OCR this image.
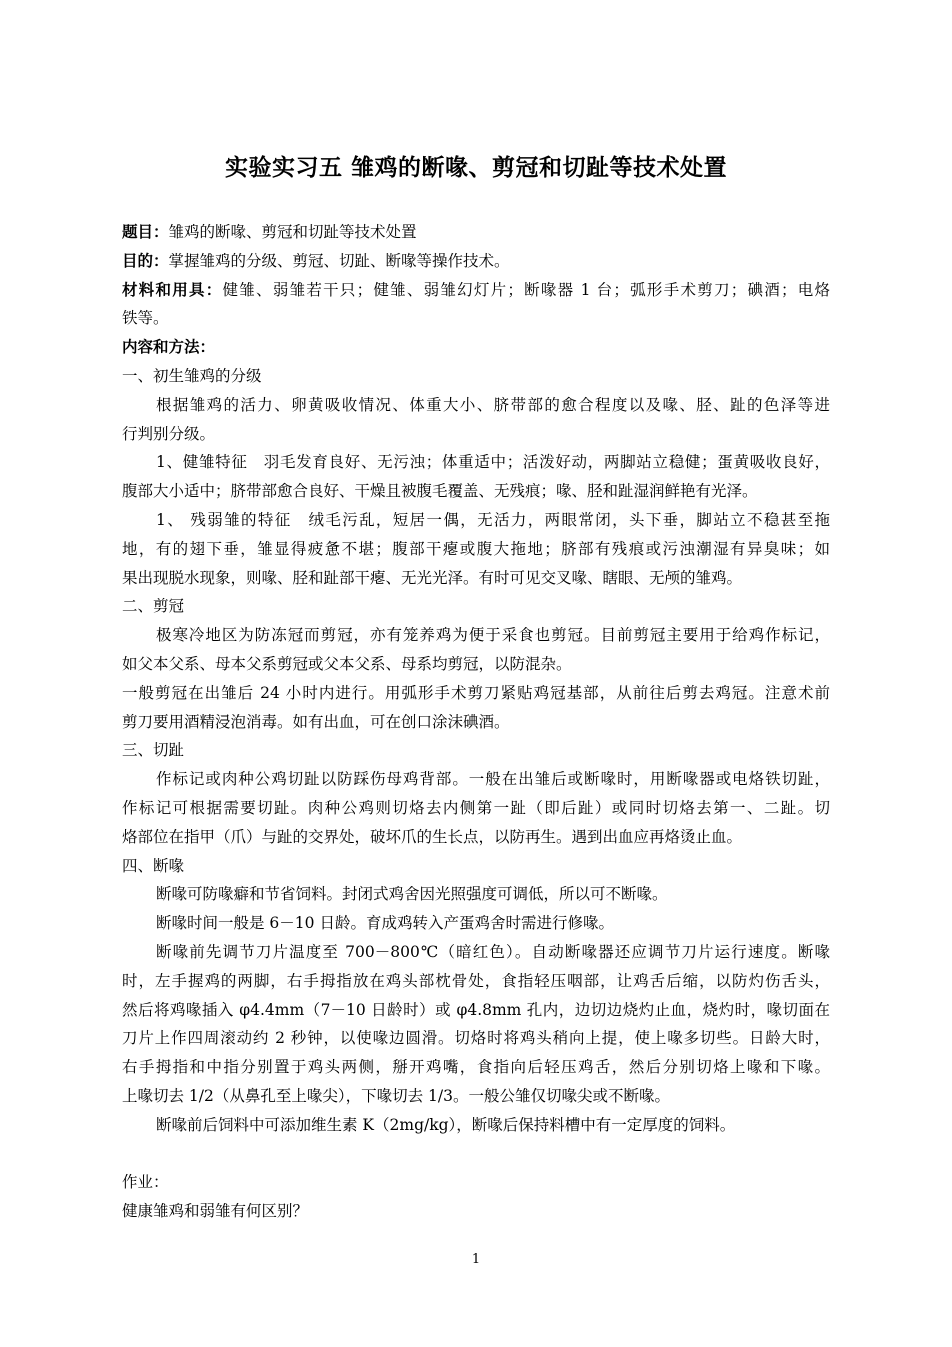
实验实习五 雏鸡的断喙、剪冠和切趾等技术处置
题目：雏鸡的断喙、剪冠和切趾等技术处置
目的：掌握雏鸡的分级、剪冠、切趾、断喙等操作技术。
材料和用具：健雏、弱雏若干只；健雏、弱雏幻灯片；断喙器 1 台；弧形手术剪刀；碘酒；电烙
铁等。
内容和方法：
一、初生雏鸡的分级
根据雏鸡的活力、卵黄吸收情况、体重大小、脐带部的愈合程度以及喙、胫、趾的色泽等进
行判别分级。
1、健雏特征　羽毛发育良好、无污浊；体重适中；活泼好动，两脚站立稳健；蛋黄吸收良好，
腹部大小适中；脐带部愈合良好、干燥且被腹毛覆盖、无残痕；喙、胫和趾湿润鲜艳有光泽。
1、 残弱雏的特征　绒毛污乱，短居一偶，无活力，两眼常闭，头下垂，脚站立不稳甚至拖
地，有的翅下垂，雏显得疲惫不堪；腹部干瘪或腹大拖地；脐部有残痕或污浊潮湿有异臭味；如
果出现脱水现象，则喙、胫和趾部干瘪、无光光泽。有时可见交叉喙、瞎眼、无颅的雏鸡。
二、剪冠
极寒冷地区为防冻冠而剪冠，亦有笼养鸡为便于采食也剪冠。目前剪冠主要用于给鸡作标记，
如父本父系、母本父系剪冠或父本父系、母系均剪冠，以防混杂。
一般剪冠在出雏后 24 小时内进行。用弧形手术剪刀紧贴鸡冠基部，从前往后剪去鸡冠。注意术前
剪刀要用酒精浸泡消毒。如有出血，可在创口涂沫碘酒。
三、切趾
作标记或肉种公鸡切趾以防踩伤母鸡背部。一般在出雏后或断喙时，用断喙器或电烙铁切趾，
作标记可根据需要切趾。肉种公鸡则切烙去内侧第一趾（即后趾）或同时切烙去第一、二趾。切
烙部位在指甲（爪）与趾的交界处，破坏爪的生长点，以防再生。遇到出血应再烙烫止血。
四、断喙
断喙可防喙癖和节省饲料。封闭式鸡舍因光照强度可调低，所以可不断喙。
断喙时间一般是 6－10 日龄。育成鸡转入产蛋鸡舍时需进行修喙。
断喙前先调节刀片温度至 700－800℃（暗红色）。自动断喙器还应调节刀片运行速度。断喙
时，左手握鸡的两脚，右手拇指放在鸡头部枕骨处，食指轻压咽部，让鸡舌后缩，以防灼伤舌头，
然后将鸡喙插入 φ4.4mm（7－10 日龄时）或 φ4.8mm 孔内，边切边烧灼止血，烧灼时，喙切面在
刀片上作四周滚动约 2 秒钟，以使喙边圆滑。切烙时将鸡头稍向上提，使上喙多切些。日龄大时，
右手拇指和中指分别置于鸡头两侧，掰开鸡嘴，食指向后轻压鸡舌，然后分别切烙上喙和下喙。
上喙切去 1/2（从鼻孔至上喙尖），下喙切去 1/3。一般公雏仅切喙尖或不断喙。
断喙前后饲料中可添加维生素 K（2mg/kg），断喙后保持料槽中有一定厚度的饲料。
作业：
健康雏鸡和弱雏有何区别？
1
